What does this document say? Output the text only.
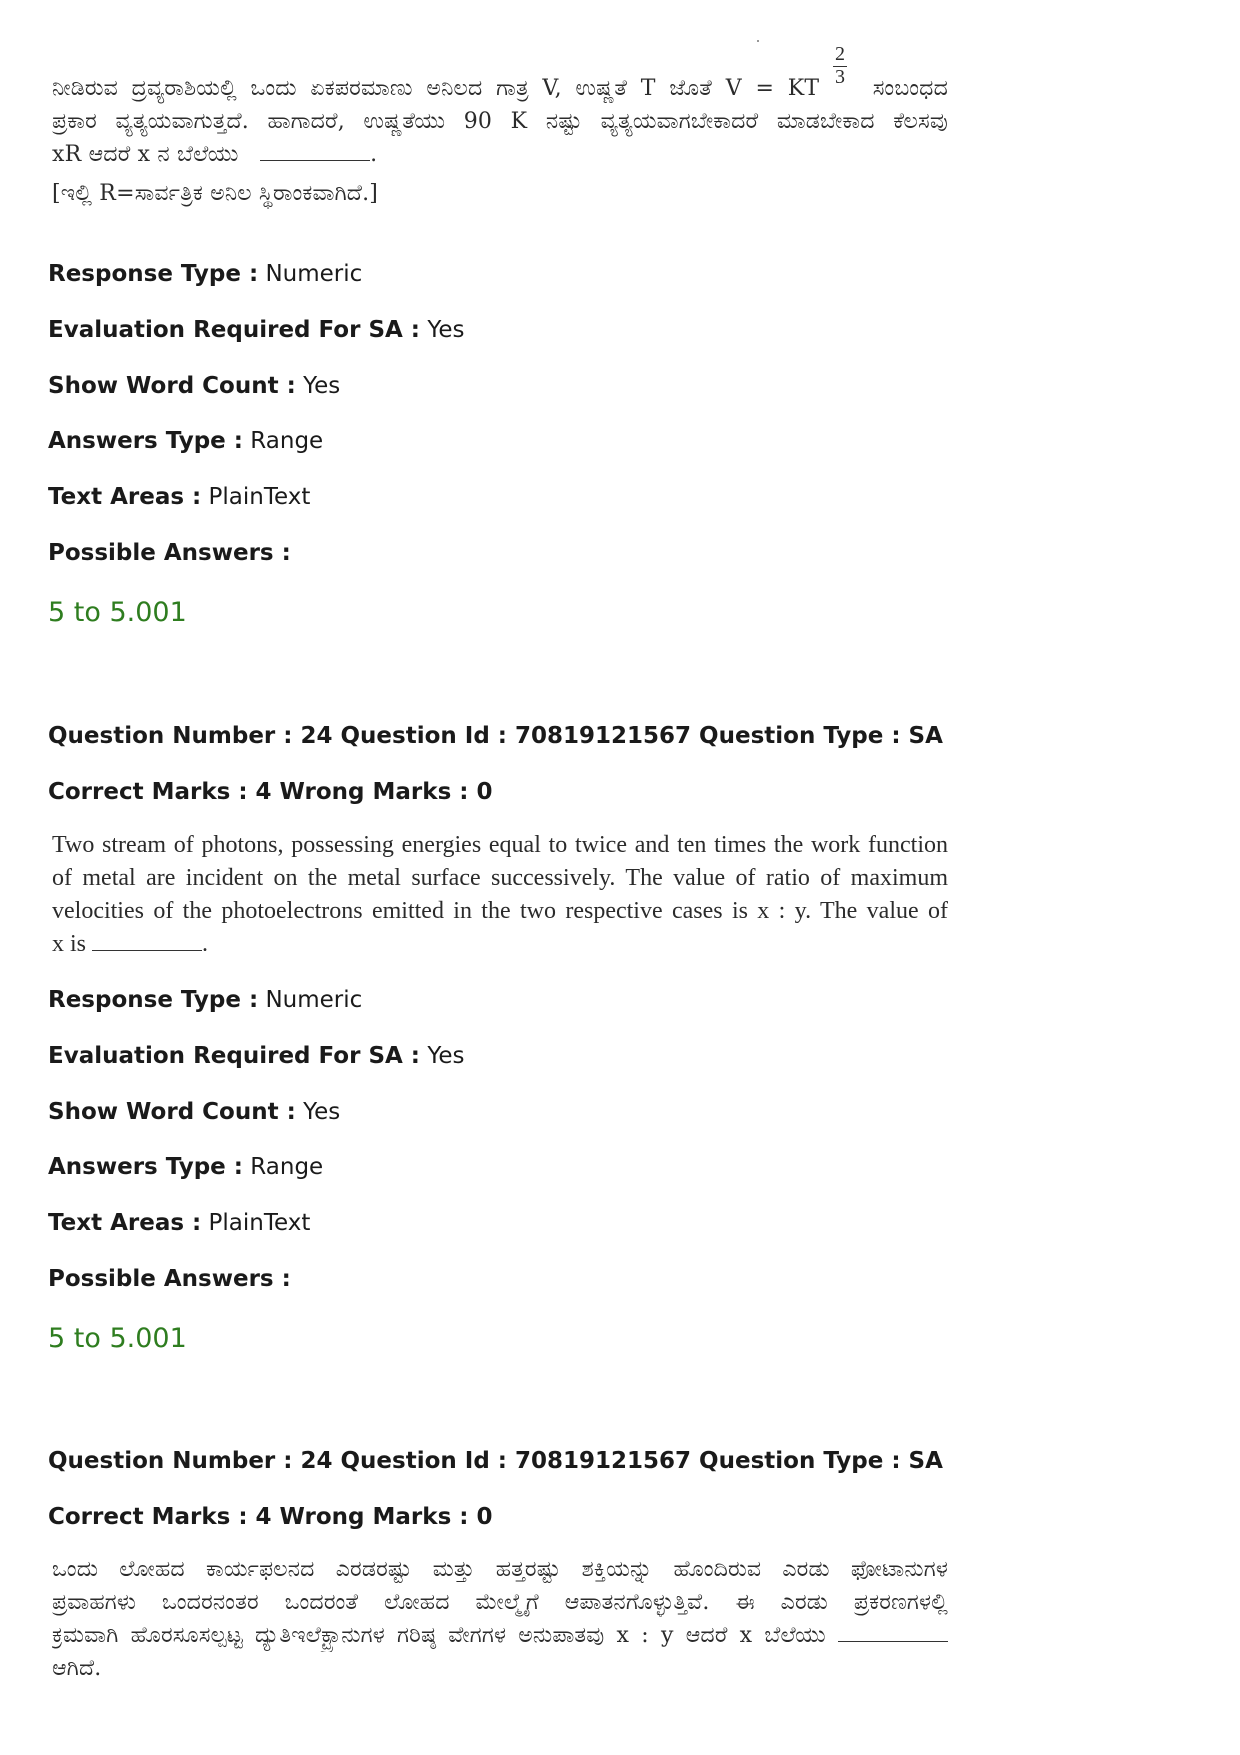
2
3
ನೀಡಿರುವ ದ್ರವ್ಯರಾಶಿಯಲ್ಲಿ ಒಂದು ಏಕಪರಮಾಣು ಅನಿಲದ ಗಾತ್ರ V, ಉಷ್ಣತೆ T ಜೊತೆ V = KT ಸಂಬಂಧದ
ಪ್ರಕಾರ ವ್ಯತ್ಯಯವಾಗುತ್ತದೆ. ಹಾಗಾದರೆ, ಉಷ್ಣತೆಯು 90 K ನಷ್ಟು ವ್ಯತ್ಯಯವಾಗಬೇಕಾದರೆ ಮಾಡಬೇಕಾದ ಕೆಲಸವು
xR ಆದರೆ x ನ ಬೆಲೆಯು	.
[ಇಲ್ಲಿ R=ಸಾರ್ವತ್ರಿಕ ಅನಿಲ ಸ್ಥಿರಾಂಕವಾಗಿದೆ.]
Response Type : Numeric
Evaluation Required For SA : Yes
Show Word Count : Yes
Answers Type : Range
Text Areas : PlainText
Possible Answers :
5 to 5.001
Question Number : 24 Question Id : 70819121567 Question Type : SA
Correct Marks : 4 Wrong Marks : 0
Two stream of photons, possessing energies equal to twice and ten times the work function
of metal are incident on the metal surface successively. The value of ratio of maximum
velocities of the photoelectrons emitted in the two respective cases is x : y. The value of
x is	.
Response Type : Numeric
Evaluation Required For SA : Yes
Show Word Count : Yes
Answers Type : Range
Text Areas : PlainText
Possible Answers :
5 to 5.001
Question Number : 24 Question Id : 70819121567 Question Type : SA
Correct Marks : 4 Wrong Marks : 0
ಒಂದು ಲೋಹದ ಕಾರ್ಯಫಲನದ ಎರಡರಷ್ಟು ಮತ್ತು ಹತ್ತರಷ್ಟು ಶಕ್ತಿಯನ್ನು ಹೊಂದಿರುವ ಎರಡು ಫೋಟಾನುಗಳ
ಪ್ರವಾಹಗಳು ಒಂದರನಂತರ ಒಂದರಂತೆ ಲೋಹದ ಮೇಲ್ಮೈಗೆ ಆಪಾತನಗೊಳ್ಳುತ್ತಿವೆ. ಈ ಎರಡು ಪ್ರಕರಣಗಳಲ್ಲಿ
ಕ್ರಮವಾಗಿ ಹೊರಸೂಸಲ್ಪಟ್ಟ ದ್ಯುತಿಇಲೆಕ್ಟ್ರಾನುಗಳ ಗರಿಷ್ಠ ವೇಗಗಳ ಅನುಪಾತವು x : y ಆದರೆ x ಬೆಲೆಯು
ಆಗಿದೆ.
